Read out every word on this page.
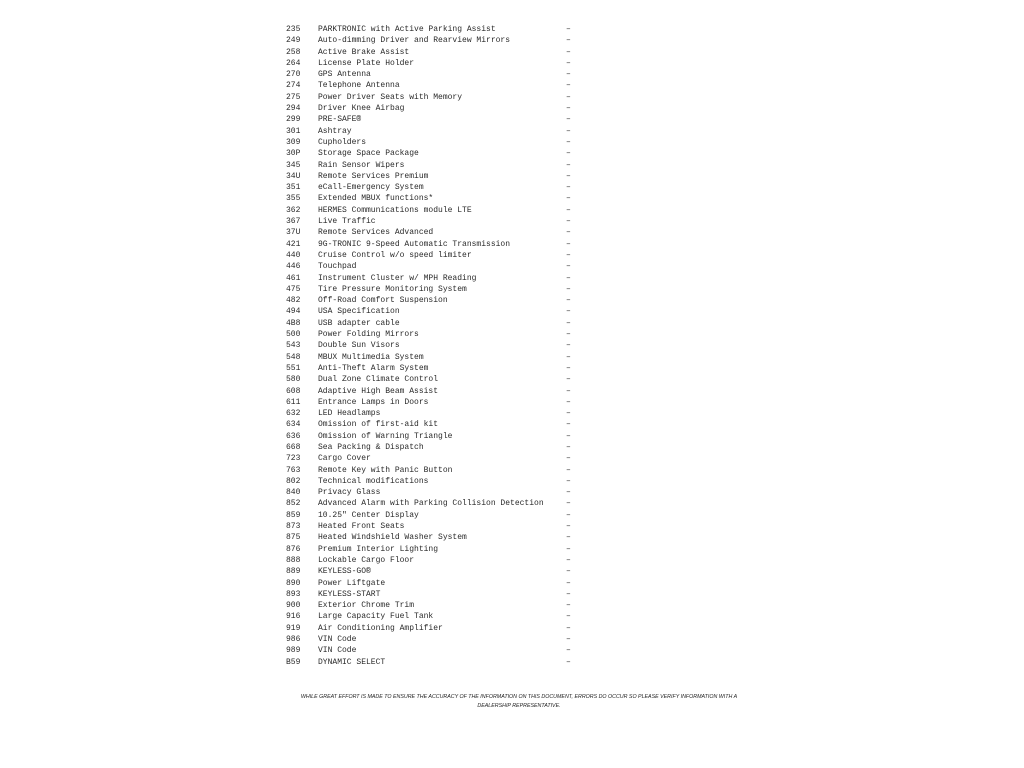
235 PARKTRONIC with Active Parking Assist	–
249 Auto-dimming Driver and Rearview Mirrors	–
258 Active Brake Assist	–
264 License Plate Holder	–
270 GPS Antenna	–
274 Telephone Antenna	–
275 Power Driver Seats with Memory	–
294 Driver Knee Airbag	–
299 PRE-SAFE®	–
301 Ashtray	–
309 Cupholders	–
30P Storage Space Package	–
345 Rain Sensor Wipers	–
34U Remote Services Premium	–
351 eCall-Emergency System	–
355 Extended MBUX functions*	–
362 HERMES Communications module LTE	–
367 Live Traffic	–
37U Remote Services Advanced	–
421 9G-TRONIC 9-Speed Automatic Transmission	–
440 Cruise Control w/o speed limiter	–
446 Touchpad	–
461 Instrument Cluster w/ MPH Reading	–
475 Tire Pressure Monitoring System	–
482 Off-Road Comfort Suspension	–
494 USA Specification	–
4B8 USB adapter cable	–
500 Power Folding Mirrors	–
543 Double Sun Visors	–
548 MBUX Multimedia System	–
551 Anti-Theft Alarm System	–
580 Dual Zone Climate Control	–
608 Adaptive High Beam Assist	–
611 Entrance Lamps in Doors	–
632 LED Headlamps	–
634 Omission of first-aid kit	–
636 Omission of Warning Triangle	–
668 Sea Packing & Dispatch	–
723 Cargo Cover	–
763 Remote Key with Panic Button	–
802 Technical modifications	–
840 Privacy Glass	–
852 Advanced Alarm with Parking Collision Detection	–
859 10.25" Center Display	–
873 Heated Front Seats	–
875 Heated Windshield Washer System	–
876 Premium Interior Lighting	–
888 Lockable Cargo Floor	–
889 KEYLESS-GO®	–
890 Power Liftgate	–
893 KEYLESS-START	–
900 Exterior Chrome Trim	–
916 Large Capacity Fuel Tank	–
919 Air Conditioning Amplifier	–
986 VIN Code	–
989 VIN Code	–
B59 DYNAMIC SELECT	–

WHILE GREAT EFFORT IS MADE TO ENSURE THE ACCURACY OF THE INFORMATION ON THIS DOCUMENT, ERRORS DO OCCUR SO PLEASE VERIFY INFORMATION WITH A DEALERSHIP REPRESENTATIVE.
